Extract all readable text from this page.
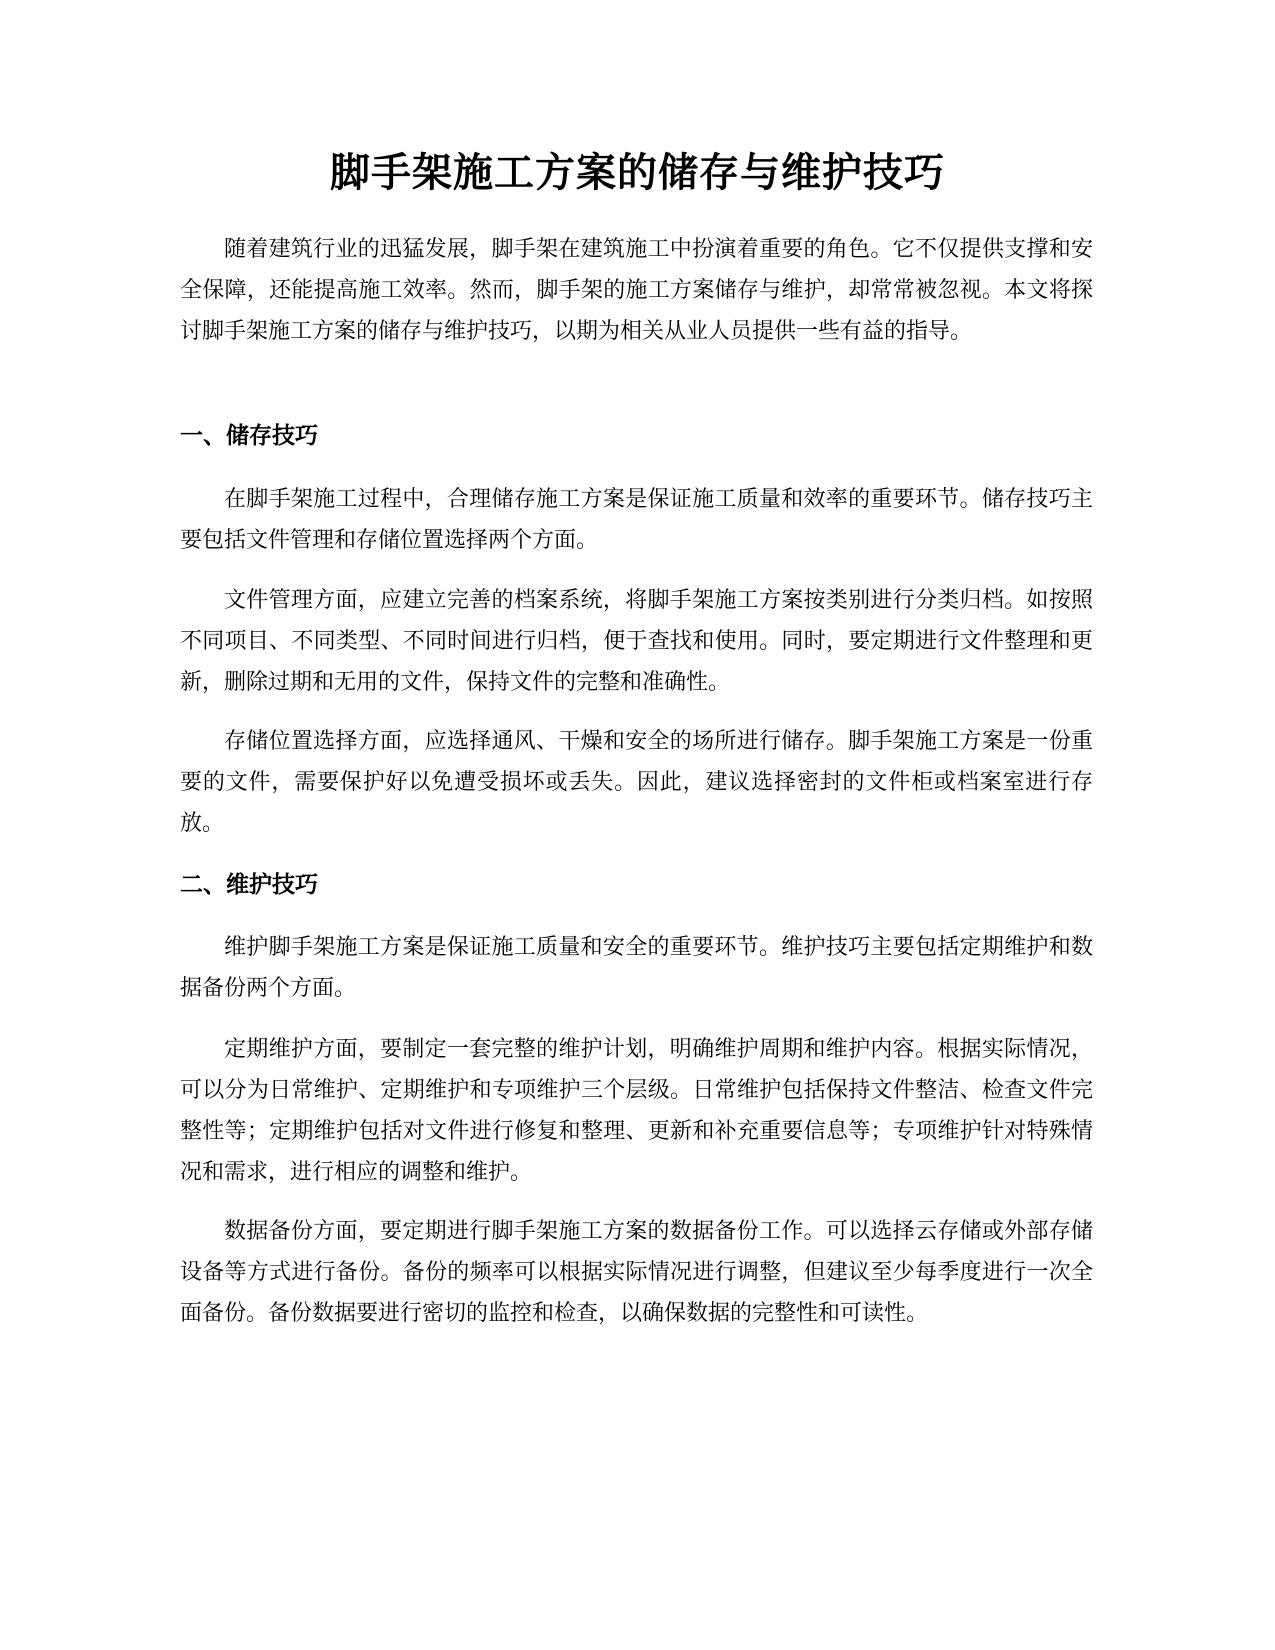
脚手架施工方案的储存与维护技巧

随着建筑行业的迅猛发展，脚手架在建筑施工中扮演着重要的角色。它不仅提供支撑和安全保障，还能提高施工效率。然而，脚手架的施工方案储存与维护，却常常被忽视。本文将探讨脚手架施工方案的储存与维护技巧，以期为相关从业人员提供一些有益的指导。

一、储存技巧

在脚手架施工过程中，合理储存施工方案是保证施工质量和效率的重要环节。储存技巧主要包括文件管理和存储位置选择两个方面。

文件管理方面，应建立完善的档案系统，将脚手架施工方案按类别进行分类归档。如按照不同项目、不同类型、不同时间进行归档，便于查找和使用。同时，要定期进行文件整理和更新，删除过期和无用的文件，保持文件的完整和准确性。

存储位置选择方面，应选择通风、干燥和安全的场所进行储存。脚手架施工方案是一份重要的文件，需要保护好以免遭受损坏或丢失。因此，建议选择密封的文件柜或档案室进行存放。

二、维护技巧

维护脚手架施工方案是保证施工质量和安全的重要环节。维护技巧主要包括定期维护和数据备份两个方面。

定期维护方面，要制定一套完整的维护计划，明确维护周期和维护内容。根据实际情况，可以分为日常维护、定期维护和专项维护三个层级。日常维护包括保持文件整洁、检查文件完整性等；定期维护包括对文件进行修复和整理、更新和补充重要信息等；专项维护针对特殊情况和需求，进行相应的调整和维护。

数据备份方面，要定期进行脚手架施工方案的数据备份工作。可以选择云存储或外部存储设备等方式进行备份。备份的频率可以根据实际情况进行调整，但建议至少每季度进行一次全面备份。备份数据要进行密切的监控和检查，以确保数据的完整性和可读性。
